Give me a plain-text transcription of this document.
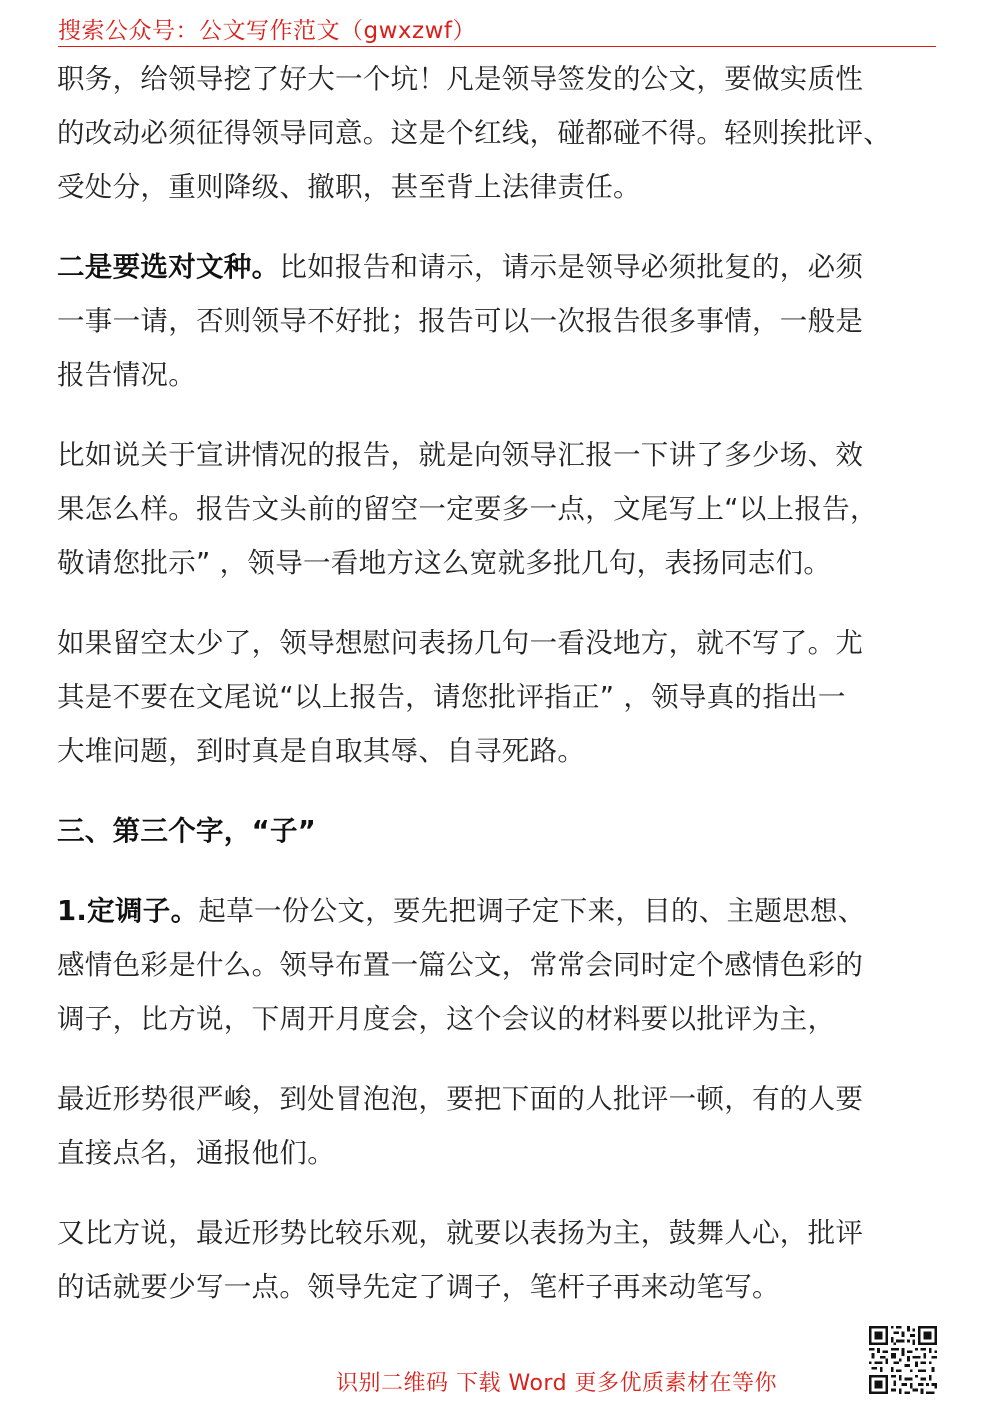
搜索公众号：公文写作范文（gwxzwf）
职务，给领导挖了好大一个坑！凡是领导签发的公文，要做实质性
的改动必须征得领导同意。这是个红线，碰都碰不得。轻则挨批评、
受处分，重则降级、撤职，甚至背上法律责任。
二是要选对文种。比如报告和请示，请示是领导必须批复的，必须
一事一请，否则领导不好批；报告可以一次报告很多事情，一般是
报告情况。
比如说关于宣讲情况的报告，就是向领导汇报一下讲了多少场、效
果怎么样。报告文头前的留空一定要多一点，文尾写上“以上报告，
敬请您批示” ，领导一看地方这么宽就多批几句，表扬同志们。
如果留空太少了，领导想慰问表扬几句一看没地方，就不写了。尤
其是不要在文尾说“以上报告，请您批评指正” ，领导真的指出一
大堆问题，到时真是自取其辱、自寻死路。
三、第三个字，“子”
1.定调子。起草一份公文，要先把调子定下来，目的、主题思想、
感情色彩是什么。领导布置一篇公文，常常会同时定个感情色彩的
调子，比方说，下周开月度会，这个会议的材料要以批评为主，
最近形势很严峻，到处冒泡泡，要把下面的人批评一顿，有的人要
直接点名，通报他们。
又比方说，最近形势比较乐观，就要以表扬为主，鼓舞人心，批评
的话就要少写一点。领导先定了调子，笔杆子再来动笔写。
识别二维码 下载 Word 更多优质素材在等你
